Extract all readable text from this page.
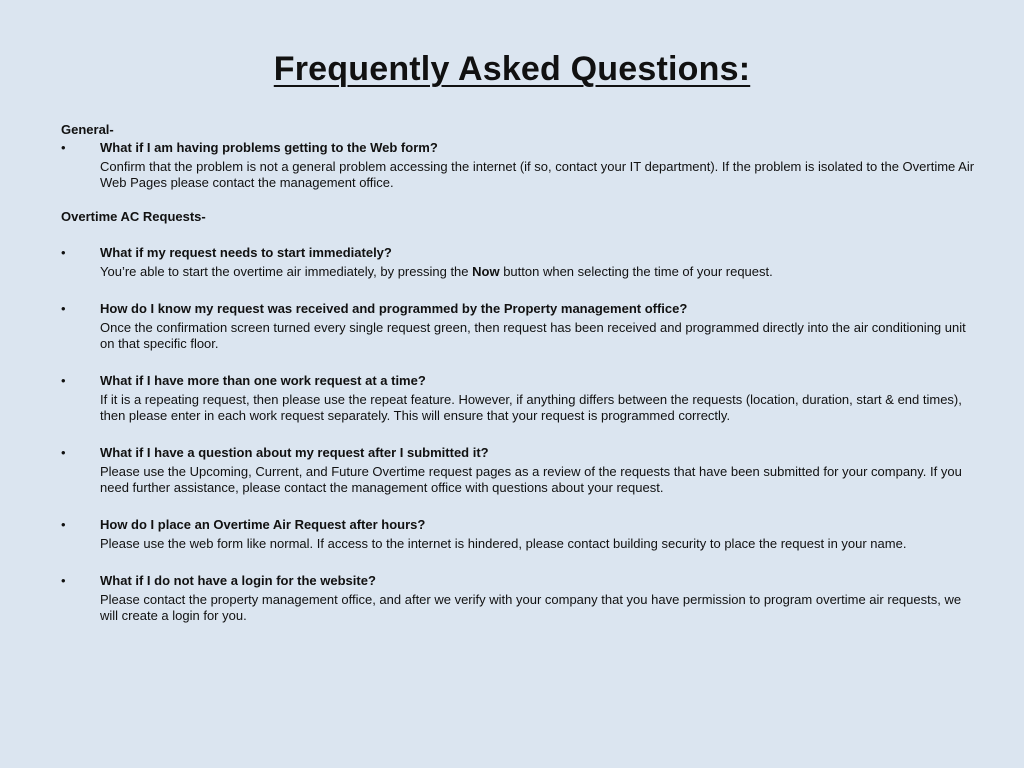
Frequently Asked Questions:
General-
•	What if I am having problems getting to the Web form?
Confirm that the problem is not a general problem accessing the internet (if so, contact your IT department). If the problem is isolated to the Overtime Air Web Pages please contact the management office.
Overtime AC Requests-
•	What if my request needs to start immediately?
You’re able to start the overtime air immediately, by pressing the Now button when selecting the time of your request.
•	How do I know my request was received and programmed by the Property management office?
Once the confirmation screen turned every single request green, then request has been received and programmed directly into the air conditioning unit on that specific floor.
•	What if I have more than one work request at a time?
If it is a repeating request, then please use the repeat feature. However, if anything differs between the requests (location, duration, start & end times), then please enter in each work request separately. This will ensure that your request is programmed correctly.
•	What if I have a question about my request after I submitted it?
Please use the Upcoming, Current, and Future Overtime request pages as a review of the requests that have been submitted for your company. If you need further assistance, please contact the management office with questions about your request.
•	How do I place an Overtime Air Request after hours?
Please use the web form like normal. If access to the internet is hindered, please contact building security to place the request in your name.
•	What if I do not have a login for the website?
Please contact the property management office, and after we verify with your company that you have permission to program overtime air requests, we will create a login for you.
